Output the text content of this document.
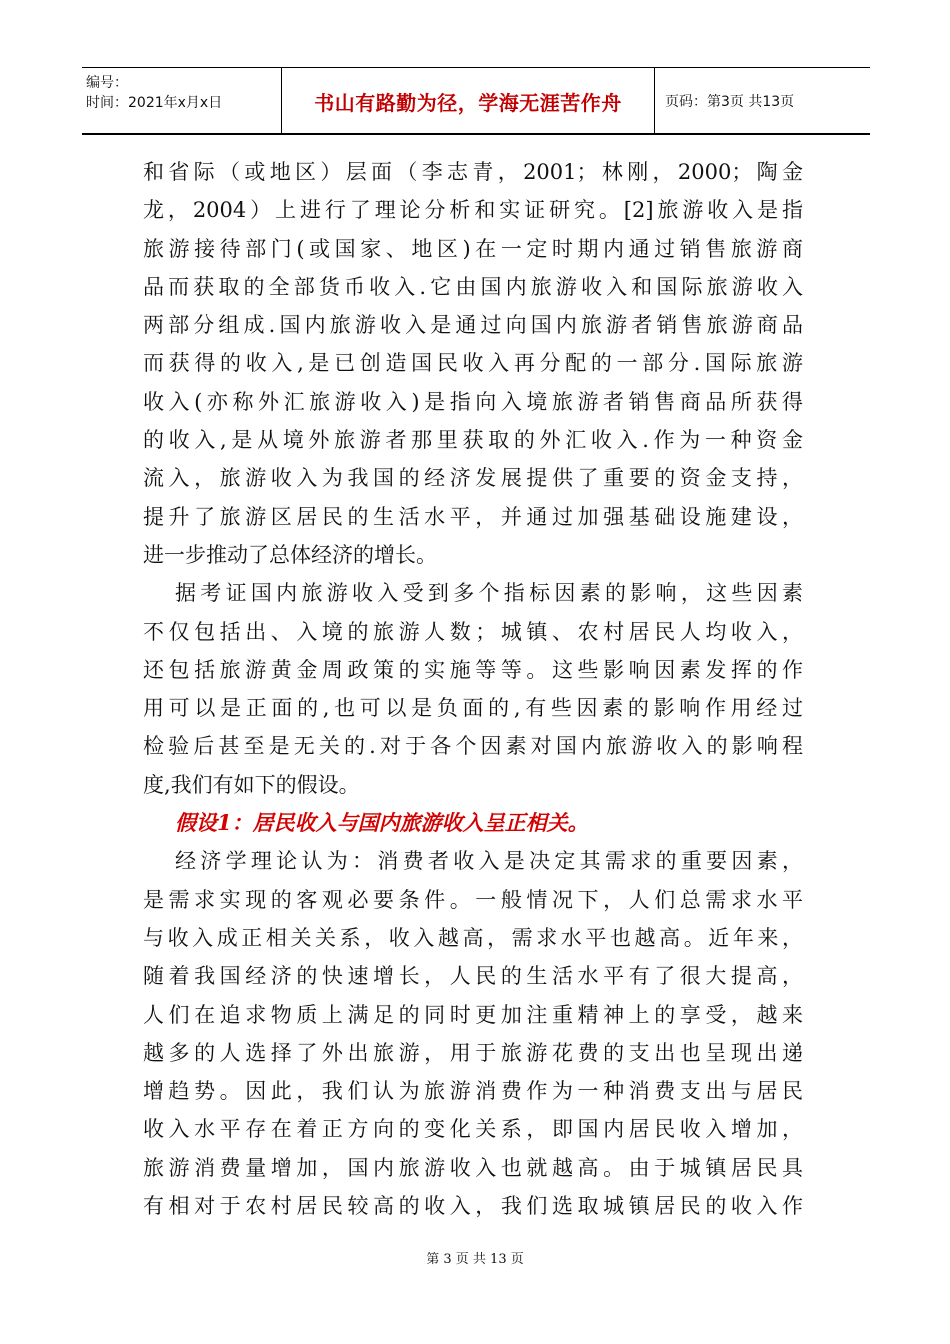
编号：
时间：2021年x月x日	书山有路勤为径，学海无涯苦作舟	页码：第3页 共13页
和省际（或地区）层面（李志青，2001；林刚，2000；陶金
龙，2004）上进行了理论分析和实证研究。[2]旅游收入是指
旅游接待部门(或国家、地区)在一定时期内通过销售旅游商
品而获取的全部货币收入.它由国内旅游收入和国际旅游收入
两部分组成.国内旅游收入是通过向国内旅游者销售旅游商品
而获得的收入,是已创造国民收入再分配的一部分.国际旅游
收入(亦称外汇旅游收入)是指向入境旅游者销售商品所获得
的收入,是从境外旅游者那里获取的外汇收入.作为一种资金
流入，旅游收入为我国的经济发展提供了重要的资金支持，
提升了旅游区居民的生活水平，并通过加强基础设施建设，
进一步推动了总体经济的增长。
据考证国内旅游收入受到多个指标因素的影响，这些因素
不仅包括出、入境的旅游人数；城镇、农村居民人均收入，
还包括旅游黄金周政策的实施等等。这些影响因素发挥的作
用可以是正面的,也可以是负面的,有些因素的影响作用经过
检验后甚至是无关的.对于各个因素对国内旅游收入的影响程
度,我们有如下的假设。
假设1：居民收入与国内旅游收入呈正相关。
经济学理论认为：消费者收入是决定其需求的重要因素，
是需求实现的客观必要条件。一般情况下，人们总需求水平
与收入成正相关关系，收入越高，需求水平也越高。近年来，
随着我国经济的快速增长，人民的生活水平有了很大提高，
人们在追求物质上满足的同时更加注重精神上的享受，越来
越多的人选择了外出旅游，用于旅游花费的支出也呈现出递
增趋势。因此，我们认为旅游消费作为一种消费支出与居民
收入水平存在着正方向的变化关系，即国内居民收入增加，
旅游消费量增加，国内旅游收入也就越高。由于城镇居民具
有相对于农村居民较高的收入，我们选取城镇居民的收入作
第 3 页 共 13 页
